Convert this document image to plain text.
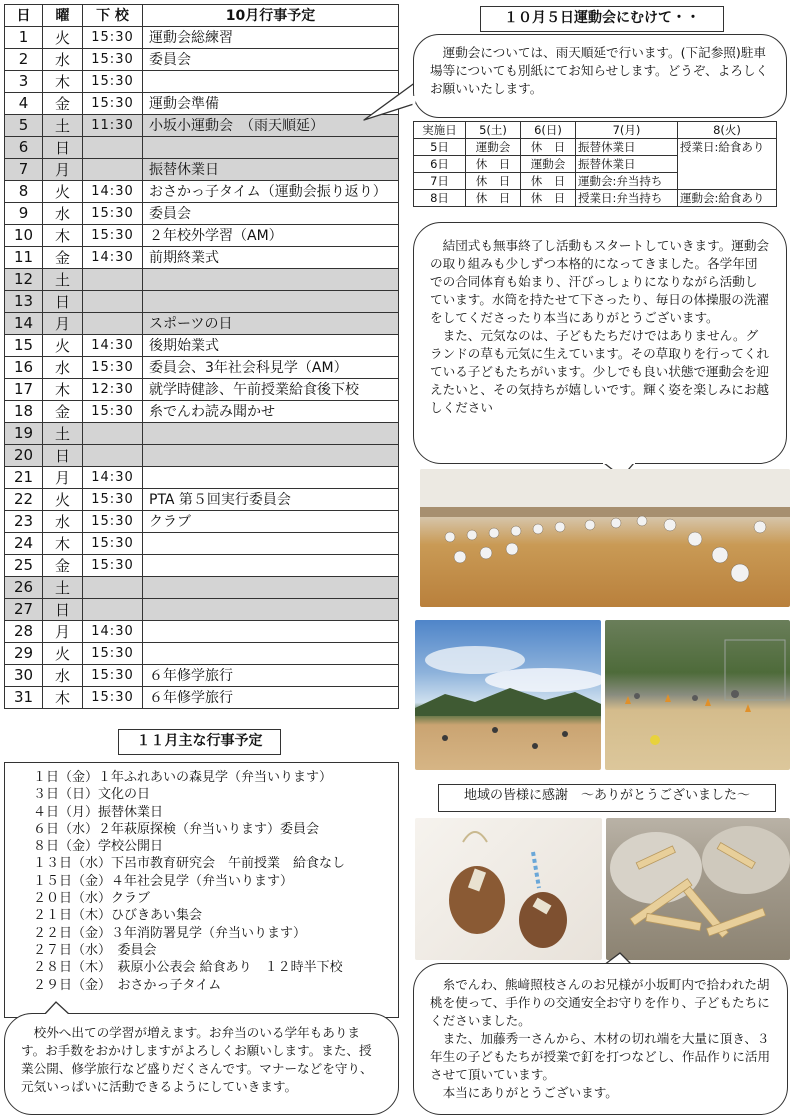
日	曜	下 校	10月行事予定
1	火	15:30	運動会総練習
2	水	15:30	委員会
3	木	15:30	
4	金	15:30	運動会準備
5	土	11:30	小坂小運動会　（雨天順延）
6	日		
7	月		振替休業日
8	火	14:30	おさかっ子タイム（運動会振り返り）
9	水	15:30	委員会
10	木	15:30	２年校外学習（AM）
11	金	14:30	前期終業式
12	土		
13	日		
14	月		スポーツの日
15	火	14:30	後期始業式
16	水	15:30	委員会、3年社会科見学（AM）
17	木	12:30	就学時健診、午前授業給食後下校
18	金	15:30	糸でんわ読み聞かせ
19	土		
20	日		
21	月	14:30	
22	火	15:30	PTA 第５回実行委員会
23	水	15:30	クラブ
24	木	15:30	
25	金	15:30	
26	土		
27	日		
28	月	14:30	
29	火	15:30	
30	水	15:30	６年修学旅行
31	木	15:30	６年修学旅行
１日（金）１年ふれあいの森見学（弁当いります）
３日（日）文化の日
４日（月）振替休業日
６日（水）２年萩原探検（弁当いります）委員会
８日（金）学校公開日
１３日（水）下呂市教育研究会　午前授業　給食なし
１５日（金）４年社会見学（弁当いります）
２０日（水）クラブ
２１日（木）ひびきあい集会
２２日（金）３年消防署見学（弁当いります）
２７日（水）　委員会
２８日（木）　萩原小公表会 給食あり　１２時半下校
２９日（金）　おさかっ子タイム
１１月主な行事予定

校外へ出ての学習が増えます。お弁当のいる学年もあります。お手数をおかけしますがよろしくお願いします。また、授業公開、修学旅行など盛りだくさんです。マナーなどを守り、元気いっぱいに活動できるようにしていきます。

１０月５日運動会にむけて・・

運動会については、雨天順延で行います。(下記参照)駐車場等についても別紙にてお知らせします。どうぞ、よろしくお願いいたします。

実施日	5(土)	6(日)	7(月)	8(火)
5日	運動会	休　日	振替休業日	授業日:給食あり
6日	休　日	運動会	振替休業日	
7日	休　日	休　日	運動会:弁当持ち	
8日	休　日	休　日	授業日:弁当持ち	運動会:給食あり

結団式も無事終了し活動もスタートしていきます。運動会の取り組みも少しずつ本格的になってきました。各学年団での合同体育も始まり、汗びっしょりになりながら活動しています。水筒を持たせて下さったり、毎日の体操服の洗濯をしてくださったり本当にありがとうございます。

また、元気なのは、子どもたちだけではありません。グランドの草も元気に生えています。その草取りを行ってくれている子どもたちがいます。少しでも良い状態で運動会を迎えたいと、その気持ちが嬉しいです。輝く姿を楽しみにお越しください

地域の皆様に感謝　～ありがとうございました～

糸でんわ、熊﨑照枝さんのお兄様が小坂町内で拾われた胡桃を使って、手作りの交通安全お守りを作り、子どもたちにくださいました。

また、加藤秀一さんから、木材の切れ端を大量に頂き、３年生の子どもたちが授業で釘を打つなどし、作品作りに活用させて頂いています。

本当にありがとうございます。
